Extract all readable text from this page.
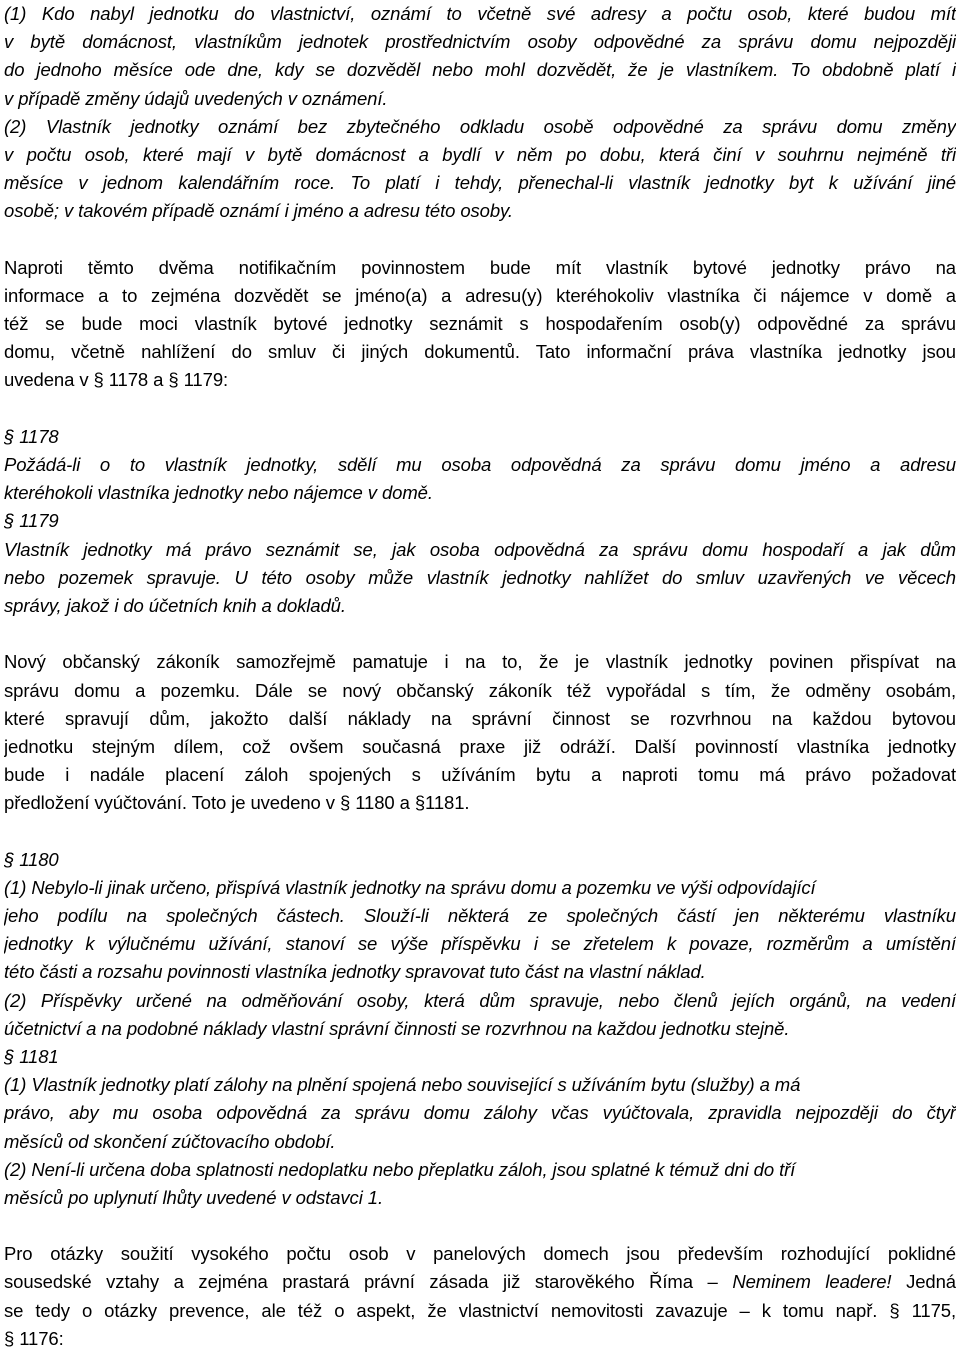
(1) Kdo nabyl jednotku do vlastnictví, oznámí to včetně své adresy a počtu osob, které budou mít
v bytě domácnost, vlastníkům jednotek prostřednictvím osoby odpovědné za správu domu nejpozději
do jednoho měsíce ode dne, kdy se dozvěděl nebo mohl dozvědět, že je vlastníkem. To obdobně platí i
v případě změny údajů uvedených v oznámení.
(2) Vlastník jednotky oznámí bez zbytečného odkladu osobě odpovědné za správu domu změny
v počtu osob, které mají v bytě domácnost a bydlí v něm po dobu, která činí v souhrnu nejméně tři
měsíce v jednom kalendářním roce. To platí i tehdy, přenechal-li vlastník jednotky byt k užívání jiné
osobě; v takovém případě oznámí i jméno a adresu této osoby.
Naproti těmto dvěma notifikačním povinnostem bude mít vlastník bytové jednotky právo na
informace a to zejména dozvědět se jméno(a) a adresu(y) kteréhokoliv vlastníka či nájemce v domě a
též se bude moci vlastník bytové jednotky seznámit s hospodařením osob(y) odpovědné za správu
domu, včetně nahlížení do smluv či jiných dokumentů. Tato informační práva vlastníka jednotky jsou
uvedena v § 1178 a § 1179:
§ 1178
Požádá-li o to vlastník jednotky, sdělí mu osoba odpovědná za správu domu jméno a adresu
kteréhokoli vlastníka jednotky nebo nájemce v domě.
§ 1179
Vlastník jednotky má právo seznámit se, jak osoba odpovědná za správu domu hospodaří a jak dům
nebo pozemek spravuje. U této osoby může vlastník jednotky nahlížet do smluv uzavřených ve věcech
správy, jakož i do účetních knih a dokladů.
Nový občanský zákoník samozřejmě pamatuje i na to, že je vlastník jednotky povinen přispívat na
správu domu a pozemku. Dále se nový občanský zákoník též vypořádal s tím, že odměny osobám,
které spravují dům, jakožto další náklady na správní činnost se rozvrhnou na každou bytovou
jednotku stejným dílem, což ovšem současná praxe již odráží. Další povinností vlastníka jednotky
bude i nadále placení záloh spojených s užíváním bytu a naproti tomu má právo požadovat
předložení vyúčtování. Toto je uvedeno v § 1180 a §1181.
§ 1180
(1) Nebylo-li jinak určeno, přispívá vlastník jednotky na správu domu a pozemku ve výši odpovídající
jeho podílu na společných částech. Slouží-li některá ze společných částí jen některému vlastníku
jednotky k výlučnému užívání, stanoví se výše příspěvku i se zřetelem k povaze, rozměrům a umístění
této části a rozsahu povinnosti vlastníka jednotky spravovat tuto část na vlastní náklad.
(2) Příspěvky určené na odměňování osoby, která dům spravuje, nebo členů jejích orgánů, na vedení
účetnictví a na podobné náklady vlastní správní činnosti se rozvrhnou na každou jednotku stejně.
§ 1181
(1) Vlastník jednotky platí zálohy na plnění spojená nebo související s užíváním bytu (služby) a má
právo, aby mu osoba odpovědná za správu domu zálohy včas vyúčtovala, zpravidla nejpozději do čtyř
měsíců od skončení zúčtovacího období.
(2) Není-li určena doba splatnosti nedoplatku nebo přeplatku záloh, jsou splatné k témuž dni do tří
měsíců po uplynutí lhůty uvedené v odstavci 1.
Pro otázky soužití vysokého počtu osob v panelových domech jsou především rozhodující poklidné
sousedské vztahy a zejména prastará právní zásada již starověkého Říma – Neminem leadere! Jedná
se tedy o otázky prevence, ale též o aspekt, že vlastnictví nemovitosti zavazuje – k tomu např. § 1175,
§ 1176:
